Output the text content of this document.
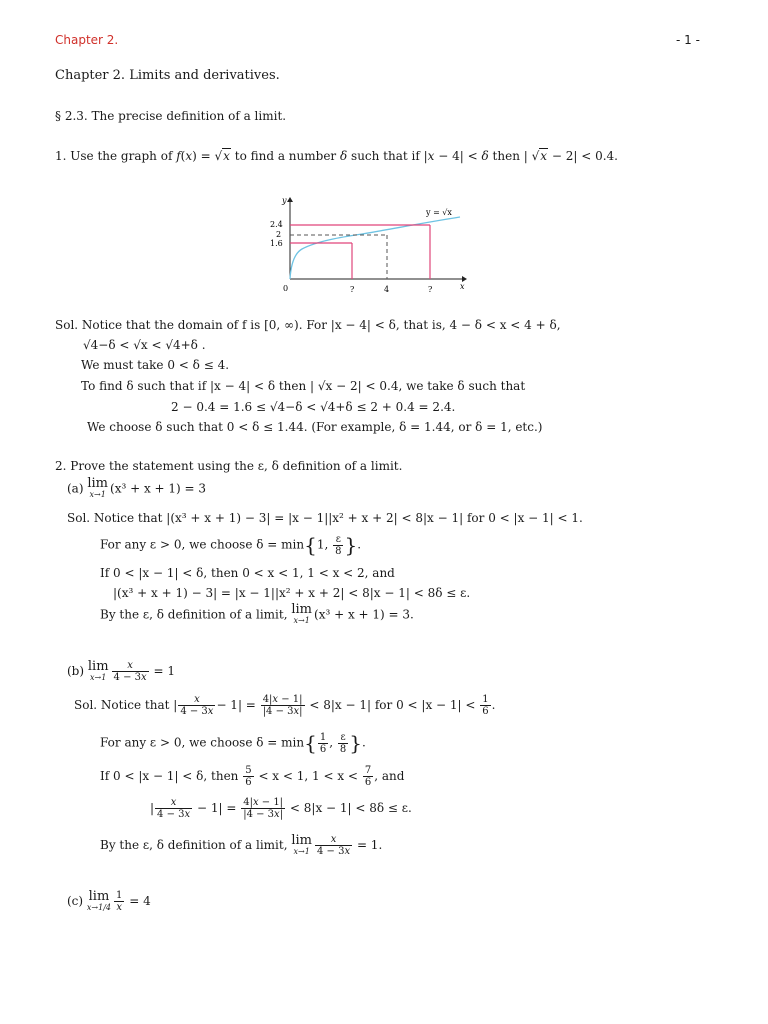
Chapter 2.	- 1 -
Chapter 2. Limits and derivatives.
§ 2.3. The precise definition of a limit.
1. Use the graph of f(x) = √x to find a number δ such that if |x − 4| < δ then | √x − 2| < 0.4.
y
x
y = √x
2.4
2
1.6
0	?	4	?
Sol. Notice that the domain of f is [0, ∞). For |x − 4| < δ, that is, 4 − δ < x < 4 + δ,
√4−δ < √x < √4+δ .
We must take 0 < δ ≤ 4.
To find δ such that if |x − 4| < δ then | √x − 2| < 0.4, we take δ such that
2 − 0.4 = 1.6 ≤ √4−δ < √4+δ ≤ 2 + 0.4 = 2.4.
We choose δ such that 0 < δ ≤ 1.44. (For example, δ = 1.44, or δ = 1, etc.)
2. Prove the statement using the ε, δ definition of a limit.
(a) lim
x→1 (x³ + x + 1) = 3
Sol. Notice that |(x³ + x + 1) − 3| = |x − 1||x² + x + 2| < 8|x − 1| for 0 < |x − 1| < 1.
For any ε > 0, we choose δ = min{1, $\frac{\varepsilon}{8}$ }.
If 0 < |x − 1| < δ, then 0 < x < 1, 1 < x < 2, and
|(x³ + x + 1) − 3| = |x − 1||x² + x + 2| < 8|x − 1| < 8δ ≤ ε.
By the ε, δ definition of a limit, lim
x→1 (x³ + x + 1) = 3.
(b) lim
$x\to 1 \frac{x}{4 - 3x} = 1$
Sol. Notice that | $\frac{x}{4 - 3x} - 1| = \frac{4|x - 1|}{|4 - 3x|} < 8|x - 1|$ for $0 < |x - 1| < \frac{1}{6}$ .
For any ε > 0, we choose $\delta = \min\{ \frac{1}{6}$ , $\frac{\varepsilon}{8}$ }.
If 0 < |x − 1| < δ, then $\frac{5}{6} < x < 1$, $1 < x < \frac{7}{6}$ , and
| $\frac{x}{4 - 3x} - 1| = \frac{4|x - 1|}{|4 - 3x|} < 8|x - 1| < 8\delta \le \varepsilon$.
By the ε, δ definition of a limit, lim
$x\to 1 \frac{x}{4 - 3x} = 1$.
(c) lim
$x\to 1/4 \frac{1}{x} = 4$
